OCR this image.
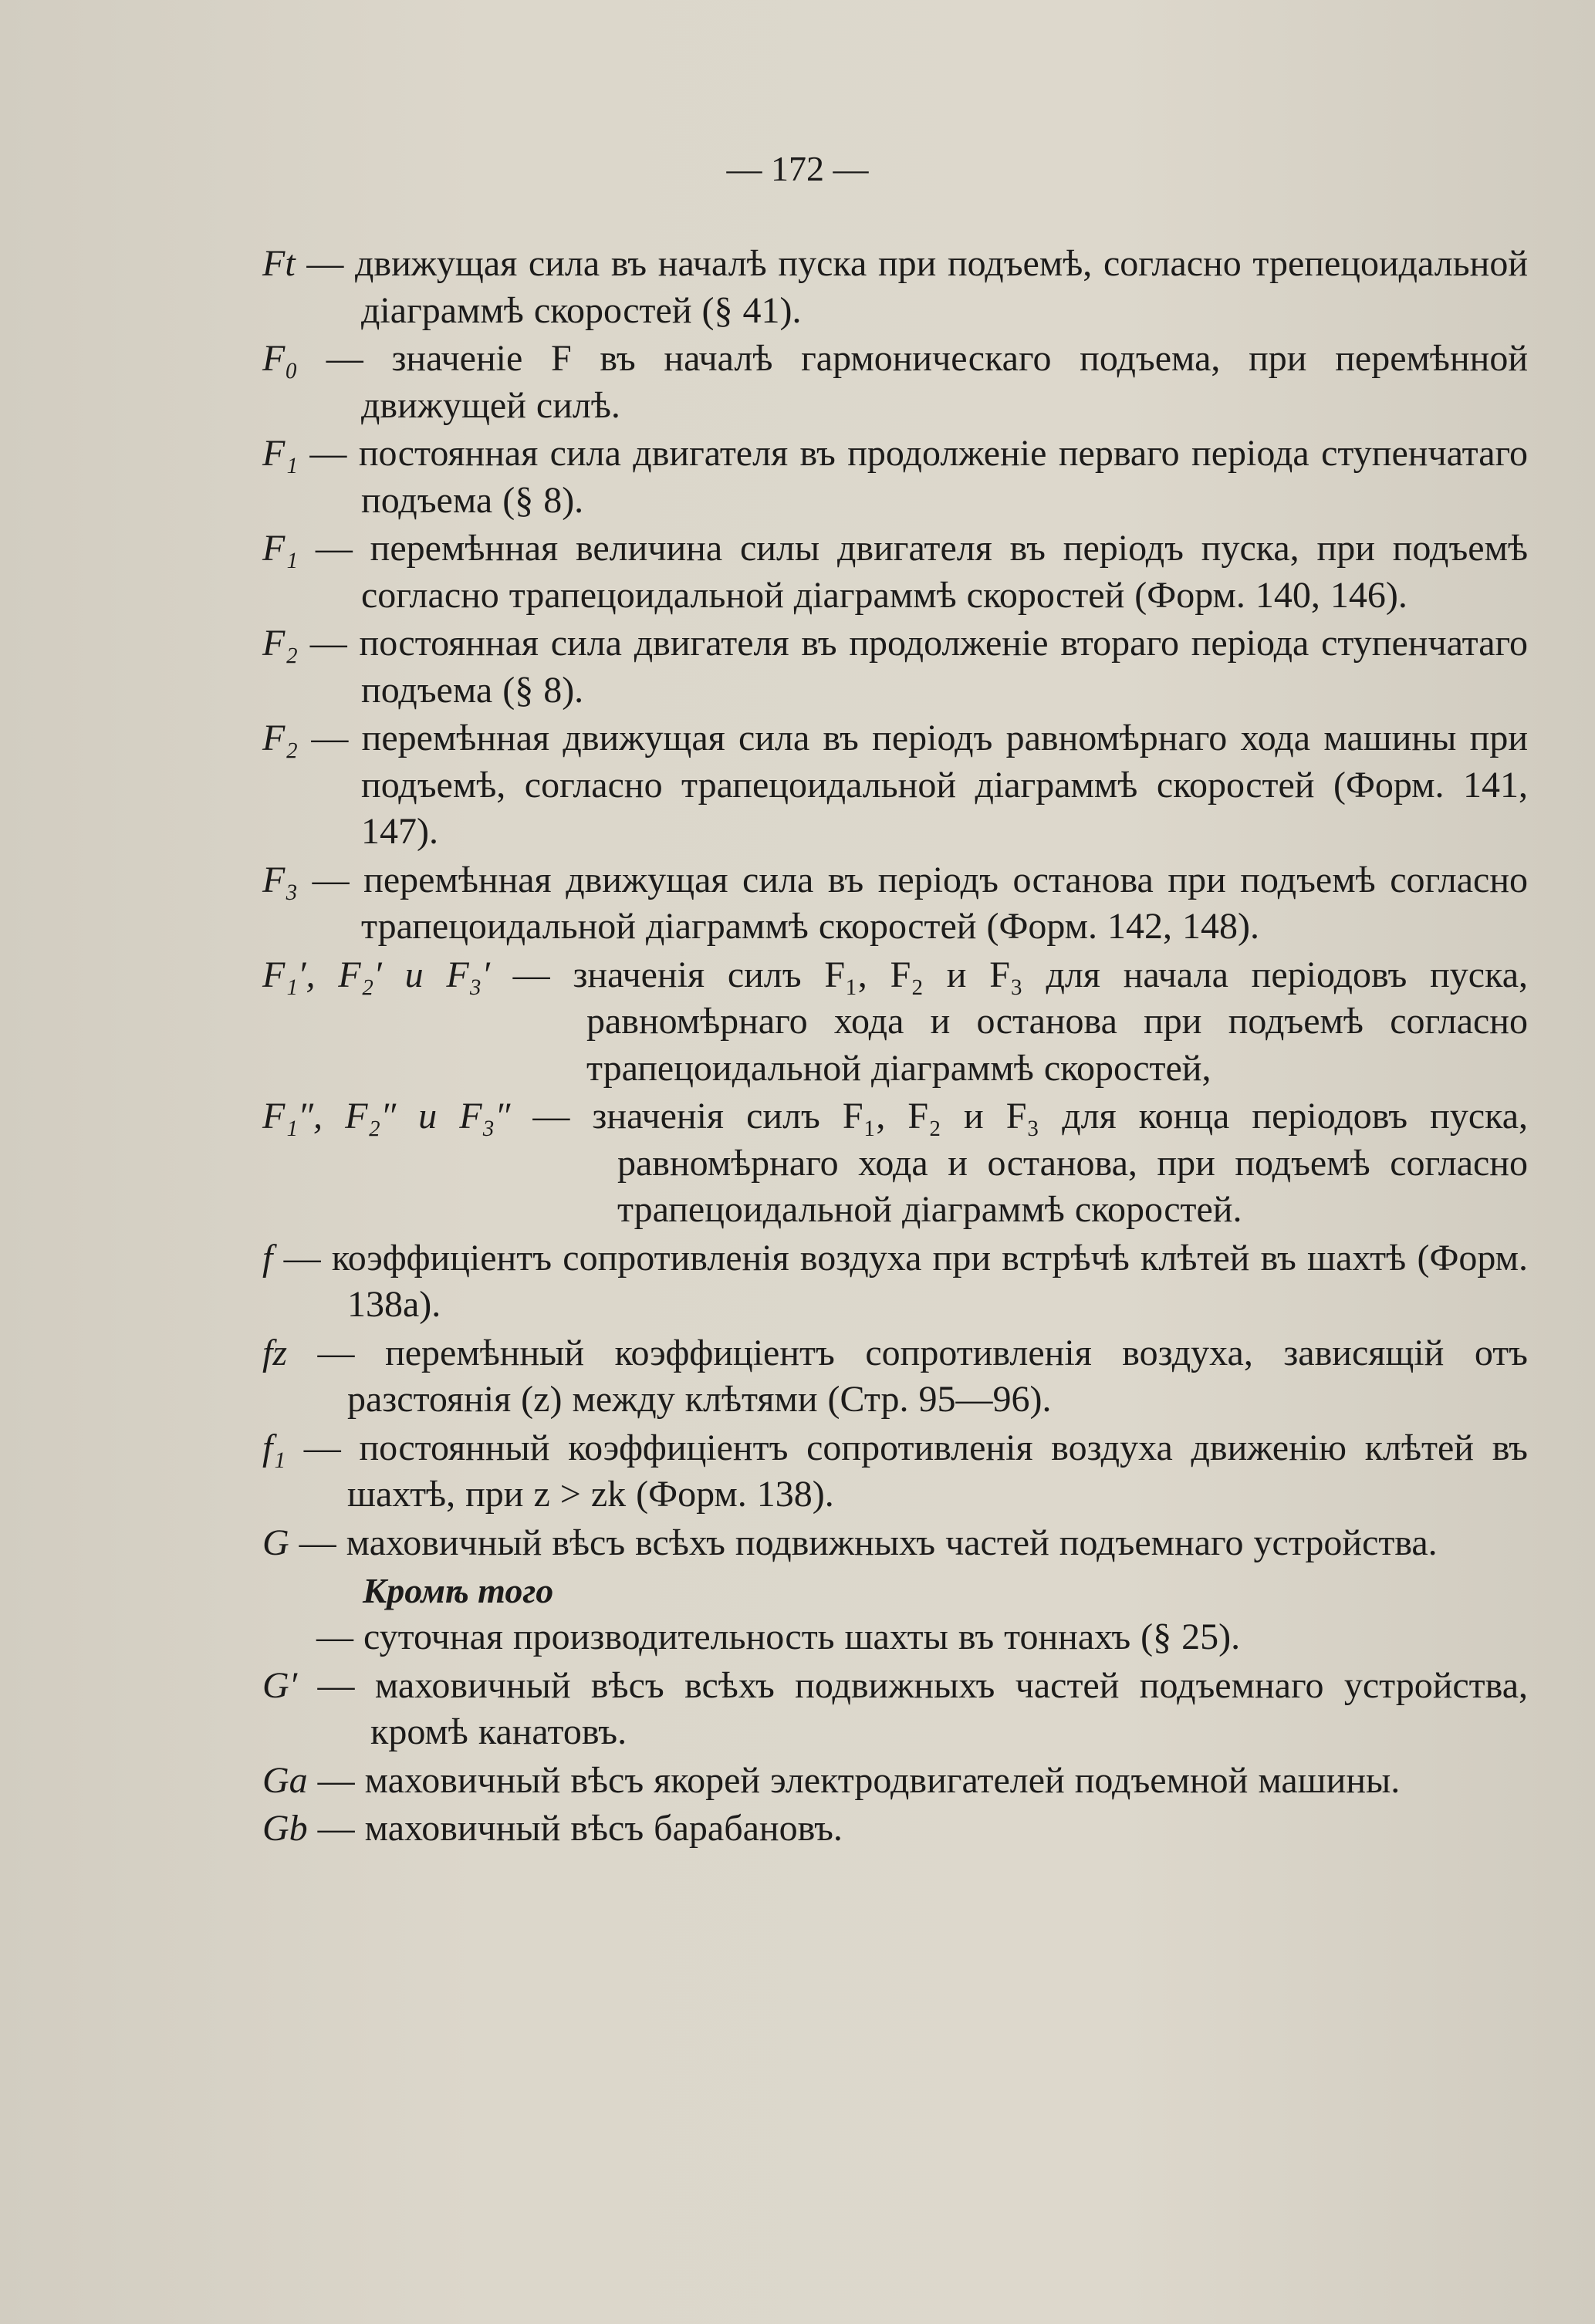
— 172 —
Ft — движущая сила въ началѣ пуска при подъемѣ, согласно трепецоидальной діаграммѣ скоростей (§ 41).
F₀ — значеніе F въ началѣ гармоническаго подъема, при перемѣнной движущей силѣ.
F₁ — постоянная сила двигателя въ продолженіе перваго періода ступенчатаго подъема (§ 8).
F₁ — перемѣнная величина силы двигателя въ періодъ пуска, при подъемѣ согласно трапецоидальной діаграммѣ скоростей (Форм. 140, 146).
F₂ — постоянная сила двигателя въ продолженіе втораго періода ступенчатаго подъема (§ 8).
F₂ — перемѣнная движущая сила въ періодъ равномѣрнаго хода машины при подъемѣ, согласно трапецоидальной діаграммѣ скоростей (Форм. 141, 147).
F₃ — перемѣнная движущая сила въ періодъ останова при подъемѣ согласно трапецоидальной діаграммѣ скоростей (Форм. 142, 148).
F₁′, F₂′ и F₃′ — значенія силъ F₁, F₂ и F₃ для начала періодовъ пуска, равномѣрнаго хода и останова при подъемѣ согласно трапецоидальной діаграммѣ скоростей,
F₁″, F₂″ и F₃″ — значенія силъ F₁, F₂ и F₃ для конца періодовъ пуска, равномѣрнаго хода и останова, при подъемѣ согласно трапецоидальной діаграммѣ скоростей.
f — коэффиціентъ сопротивленія воздуха при встрѣчѣ клѣтей въ шахтѣ (Форм. 138а).
fz — перемѣнный коэффиціентъ сопротивленія воздуха, зависящій отъ разстоянія (z) между клѣтями (Стр. 95—96).
f₁ — постоянный коэффиціентъ сопротивленія воздуха движенію клѣтей въ шахтѣ, при z > zk (Форм. 138).
G — маховичный вѣсъ всѣхъ подвижныхъ частей подъемнаго устройства.
Кромѣ того
— суточная производительность шахты въ тоннахъ (§ 25).
G′ — маховичный вѣсъ всѣхъ подвижныхъ частей подъемнаго устройства, кромѣ канатовъ.
Ga — маховичный вѣсъ якорей электродвигателей подъемной машины.
Gb — маховичный вѣсъ барабановъ.
